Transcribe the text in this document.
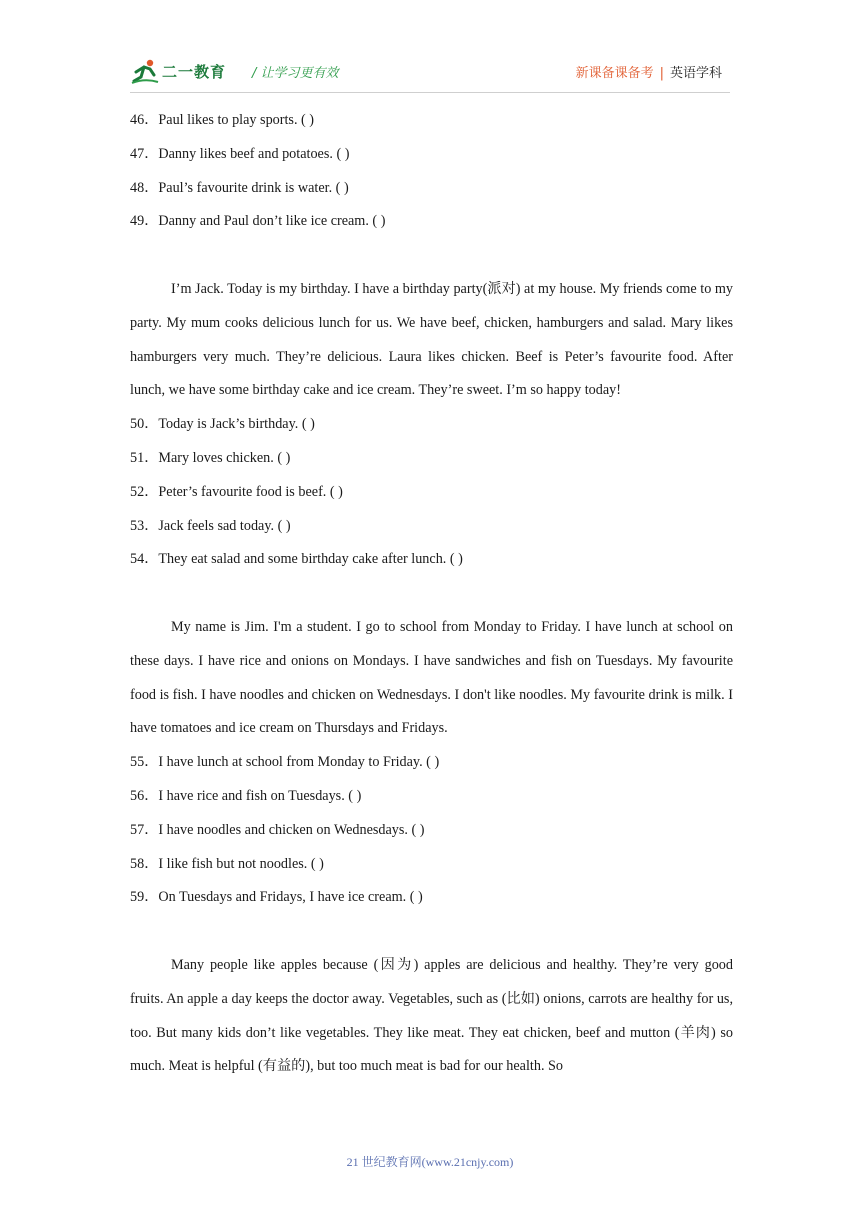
二一教育 / 让学习更有效	新课备课备考 | 英语学科
46．Paul likes to play sports. ( )
47．Danny likes beef and potatoes. ( )
48．Paul’s favourite drink is water. ( )
49．Danny and Paul don’t like ice cream. ( )
I’m Jack. Today is my birthday. I have a birthday party(派对) at my house. My friends come to my party. My mum cooks delicious lunch for us. We have beef, chicken, hamburgers and salad. Mary likes hamburgers very much. They’re delicious. Laura likes chicken. Beef is Peter’s favourite food. After lunch, we have some birthday cake and ice cream. They’re sweet. I’m so happy today!
50．Today is Jack’s birthday. ( )
51．Mary loves chicken. ( )
52．Peter’s favourite food is beef. ( )
53．Jack feels sad today. ( )
54．They eat salad and some birthday cake after lunch. ( )
My name is Jim. I'm a student. I go to school from Monday to Friday. I have lunch at school on these days. I have rice and onions on Mondays. I have sandwiches and fish on Tuesdays. My favourite food is fish. I have noodles and chicken on Wednesdays. I don't like noodles. My favourite drink is milk. I have tomatoes and ice cream on Thursdays and Fridays.
55．I have lunch at school from Monday to Friday. ( )
56．I have rice and fish on Tuesdays. ( )
57．I have noodles and chicken on Wednesdays. ( )
58．I like fish but not noodles. ( )
59．On Tuesdays and Fridays, I have ice cream. ( )
Many people like apples because (因为) apples are delicious and healthy. They’re very good fruits. An apple a day keeps the doctor away. Vegetables, such as (比如) onions, carrots are healthy for us, too. But many kids don’t like vegetables. They like meat. They eat chicken, beef and mutton (羊肉) so much. Meat is helpful (有益的), but too much meat is bad for our health. So
21 世纪教育网(www.21cnjy.com)
